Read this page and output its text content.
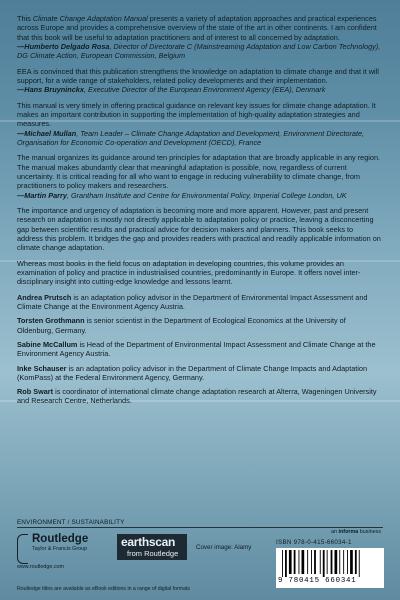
This Climate Change Adaptation Manual presents a variety of adaptation approaches and practical experiences across Europe and provides a comprehensive overview of the state of the art in other continents. I am confident that this book will be useful to adaptation practitioners and of interest to all concerned by adaptation.
—Humberto Delgado Rosa, Director of Directorate C (Mainstreaming Adaptation and Low Carbon Technology), DG Climate Action, European Commission, Belgium

EEA is convinced that this publication strengthens the knowledge on adaptation to climate change and that it will support, for a wide range of stakeholders, related policy developments and their implementation.
—Hans Bruyninckx, Executive Director of the European Environment Agency (EEA), Denmark

This manual is very timely in offering practical guidance on relevant key issues for climate change adaptation. It makes an important contribution in supporting the implementation of high-quality adaptation strategies and measures.
—Michael Mullan, Team Leader – Climate Change Adaptation and Development, Environment Directorate, Organisation for Economic Co-operation and Development (OECD), France

The manual organizes its guidance around ten principles for adaptation that are broadly applicable in any region. The manual makes abundantly clear that meaningful adaptation is possible, now, regardless of current uncertainty. It is critical reading for all who want to engage in reducing vulnerability to climate change, from practitioners to policy makers and researchers.
—Martin Parry, Grantham Institute and Centre for Environmental Policy, Imperial College London, UK

The importance and urgency of adaptation is becoming more and more apparent. However, past and present research on adaptation is mostly not directly applicable to adaptation policy or practice, leaving a disconcerting gap between scientific results and practical advice for decision makers and planners. This book seeks to address this problem. It bridges the gap and provides readers with practical and readily applicable information on climate change adaptation.

Whereas most books in the field focus on adaptation in developing countries, this volume provides an examination of policy and practice in industrialised countries, predominantly in Europe. It offers novel inter-disciplinary insight into cutting-edge knowledge and lessons learnt.

Andrea Prutsch is an adaptation policy advisor in the Department of Environmental Impact Assessment and Climate Change at the Environment Agency Austria.

Torsten Grothmann is senior scientist in the Department of Ecological Economics at the University of Oldenburg, Germany.

Sabine McCallum is Head of the Department of Environmental Impact Assessment and Climate Change at the Environment Agency Austria.

Inke Schauser is an adaptation policy advisor in the Department of Climate Change Impacts and Adaptation (KomPass) at the Federal Environment Agency, Germany.

Rob Swart is coordinator of international climate change adaptation research at Alterra, Wageningen University and Research Centre, Netherlands.

ENVIRONMENT / SUSTAINABILITY
Routledge
Taylor & Francis Group
www.routledge.com
earthscan
from Routledge
Cover image: Alamy
an informa business
ISBN 978-0-415-66034-1
9 780415 660341
Routledge titles are available as eBook editions in a range of digital formats
